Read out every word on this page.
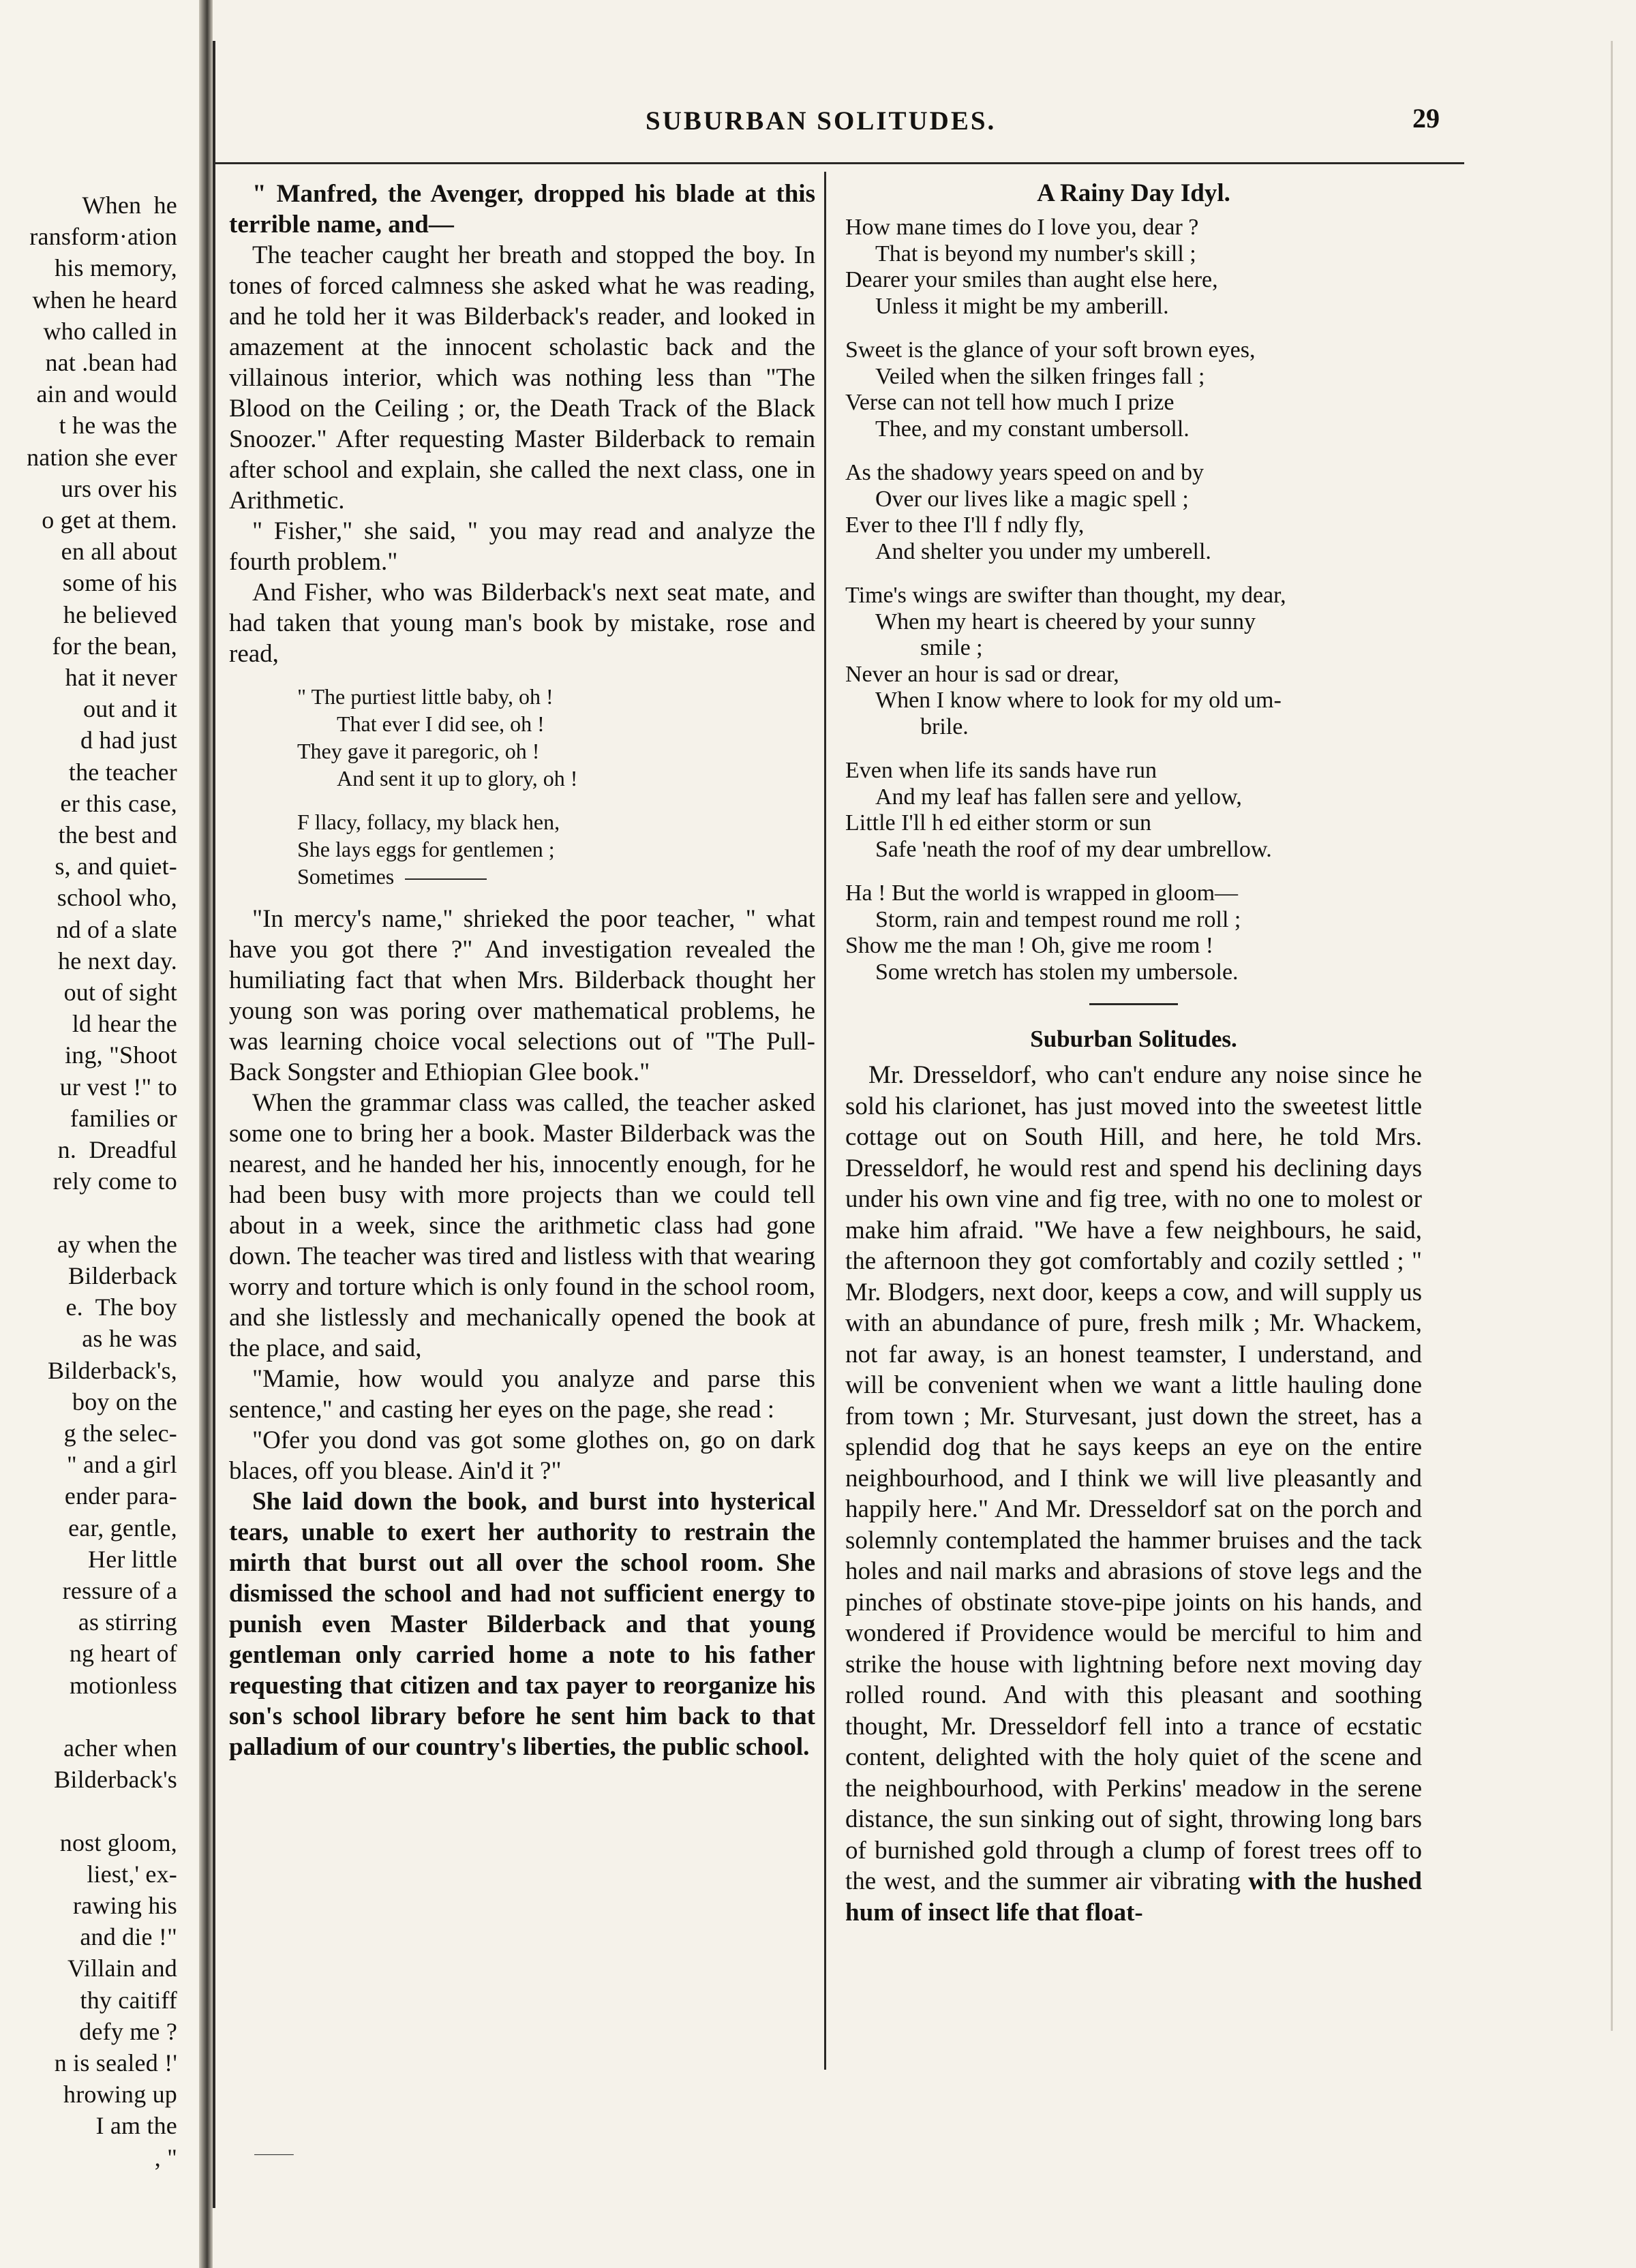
When  he
ransform·ation
his memory,
when he heard
who called in
nat .bean had
ain and would
t he was the
nation she ever
urs over his
o get at them.
en all about
some of his
he believed
for the bean,
hat it never
out and it
d had just
the teacher
er this case,
the best and
s, and quiet-
school who,
nd of a slate
he next day.
out of sight
ld hear the
ing, "Shoot
ur vest !" to
families or
n.  Dreadful
rely come to

ay when the
Bilderback
e.  The boy
as he was
Bilderback's,
boy on the
g the selec-
" and a girl
ender para-
ear, gentle,
Her little
ressure of a
as stirring
ng heart of
motionless

acher when
Bilderback's

nost gloom,
liest,' ex-
rawing his
and die !"
Villain and
thy caitiff
defy me ?
n is sealed !'
hrowing up
I am the
, "
SUBURBAN SOLITUDES.	29

" Manfred, the Avenger, dropped his blade at this terrible name, and—

The teacher caught her breath and stopped the boy. In tones of forced calmness she asked what he was reading, and he told her it was Bilderback's reader, and looked in amazement at the innocent scholastic back and the villainous interior, which was nothing less than "The Blood on the Ceiling ; or, the Death Track of the Black Snoozer." After requesting Master Bilderback to remain after school and explain, she called the next class, one in Arithmetic.

" Fisher," she said, " you may read and analyze the fourth problem."

And Fisher, who was Bilderback's next seat mate, and had taken that young man's book by mistake, rose and read,

" The purtiest little baby, oh !
That ever I did see, oh !
They gave it paregoric, oh !
And sent it up to glory, oh !
F llacy, follacy, my black hen,
She lays eggs for gentlemen ;
Sometimes

"In mercy's name," shrieked the poor teacher, " what have you got there ?" And investigation revealed the humiliating fact that when Mrs. Bilderback thought her young son was poring over mathematical problems, he was learning choice vocal selections out of "The Pull-Back Songster and Ethiopian Glee book."

When the grammar class was called, the teacher asked some one to bring her a book. Master Bilderback was the nearest, and he handed her his, innocently enough, for he had been busy with more projects than we could tell about in a week, since the arithmetic class had gone down. The teacher was tired and listless with that wearing worry and torture which is only found in the school room, and she listlessly and mechanically opened the book at the place, and said,

"Mamie, how would you analyze and parse this sentence," and casting her eyes on the page, she read :

"Ofer you dond vas got some glothes on, go on dark blaces, off you blease. Ain'd it ?"

She laid down the book, and burst into hysterical tears, unable to exert her authority to restrain the mirth that burst out all over the school room. She dismissed the school and had not sufficient energy to punish even Master Bilderback and that young gentleman only carried home a note to his father requesting that citizen and tax payer to reorganize his son's school library before he sent him back to that palladium of our country's liberties, the public school.

A Rainy Day Idyl.
How mane times do I love you, dear ?
That is beyond my number's skill ;
Dearer your smiles than aught else here,
Unless it might be my amberill.
Sweet is the glance of your soft brown eyes,
Veiled when the silken fringes fall ;
Verse can not tell how much I prize
Thee, and my constant umbersoll.
As the shadowy years speed on and by
Over our lives like a magic spell ;
Ever to thee I'll f ndly fly,
And shelter you under my umberell.
Time's wings are swifter than thought, my dear,
When my heart is cheered by your sunny
smile ;
Never an hour is sad or drear,
When I know where to look for my old um-
brile.
Even when life its sands have run
And my leaf has fallen sere and yellow,
Little I'll h ed either storm or sun
Safe 'neath the roof of my dear umbrellow.
Ha ! But the world is wrapped in gloom—
Storm, rain and tempest round me roll ;
Show me the man ! Oh, give me room !
Some wretch has stolen my umbersole.
Suburban Solitudes.

Mr. Dresseldorf, who can't endure any noise since he sold his clarionet, has just moved into the sweetest little cottage out on South Hill, and here, he told Mrs. Dresseldorf, he would rest and spend his declining days under his own vine and fig tree, with no one to molest or make him afraid. "We have a few neighbours, he said, the afternoon they got comfortably and cozily settled ; " Mr. Blodgers, next door, keeps a cow, and will supply us with an abundance of pure, fresh milk ; Mr. Whackem, not far away, is an honest teamster, I understand, and will be convenient when we want a little hauling done from town ; Mr. Sturvesant, just down the street, has a splendid dog that he says keeps an eye on the entire neighbourhood, and I think we will live pleasantly and happily here." And Mr. Dresseldorf sat on the porch and solemnly contemplated the hammer bruises and the tack holes and nail marks and abrasions of stove legs and the pinches of obstinate stove-pipe joints on his hands, and wondered if Providence would be merciful to him and strike the house with lightning before next moving day rolled round. And with this pleasant and soothing thought, Mr. Dresseldorf fell into a trance of ecstatic content, delighted with the holy quiet of the scene and the neighbourhood, with Perkins' meadow in the serene distance, the sun sinking out of sight, throwing long bars of burnished gold through a clump of forest trees off to the west, and the summer air vibrating with the hushed hum of insect life that float-

⸻
